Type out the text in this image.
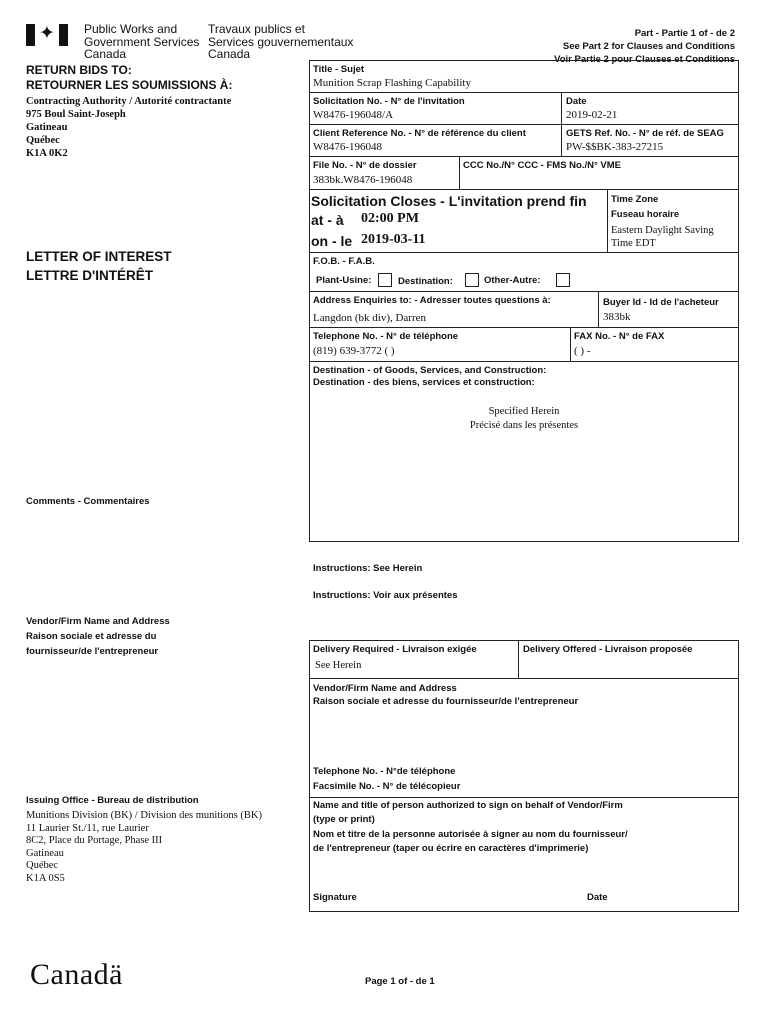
✦ Public Works and
Government Services
Canada
Travaux publics et
Services gouvernementaux
Canada
Part - Partie 1 of - de 2
See Part 2 for Clauses and Conditions
Voir Partie 2 pour Clauses et Conditions
RETURN BIDS TO:
RETOURNER LES SOUMISSIONS À:
Contracting Authority / Autorité contractante
975 Boul Saint-Joseph
Gatineau
Québec
K1A 0K2
LETTER OF INTEREST
LETTRE D'INTÉRÊT
Comments - Commentaires
Vendor/Firm Name and Address
Raison sociale et adresse du
fournisseur/de l'entrepreneur
Issuing Office - Bureau de distribution
Munitions Division (BK) / Division des munitions (BK)
11 Laurier St./11, rue Laurier
8C2, Place du Portage, Phase III
Gatineau
Québec
K1A 0S5
Title - Sujet
Munition Scrap Flashing Capability
Solicitation No. - N° de l'invitation
W8476-196048/A
Date
2019-02-21
Client Reference No. - N° de référence du client
W8476-196048
GETS Ref. No. - N° de réf. de SEAG
PW-$$BK-383-27215
File No. - N° de dossier
383bk.W8476-196048
CCC No./N° CCC - FMS No./N° VME
Solicitation Closes - L'invitation prend fin
at - à 02:00 PM
on - le 2019-03-11
Time Zone
Fuseau horaire
Eastern Daylight Saving
Time EDT
F.O.B. - F.A.B.
Plant-Usine:	Destination:	Other-Autre:
Address Enquiries to: - Adresser toutes questions à:
Langdon (bk div), Darren
Buyer Id - Id de l'acheteur
383bk
Telephone No. - N° de téléphone
(819) 639-3772 ( )
FAX No. - N° de FAX
( ) -
Destination - of Goods, Services, and Construction:
Destination - des biens, services et construction:
Specified Herein
Précisé dans les présentes
Instructions: See Herein
Instructions: Voir aux présentes
Delivery Required - Livraison exigée
See Herein
Delivery Offered - Livraison proposée
Vendor/Firm Name and Address
Raison sociale et adresse du fournisseur/de l'entrepreneur
Telephone No. - N°de téléphone
Facsimile No. - N° de télécopieur
Name and title of person authorized to sign on behalf of Vendor/Firm
(type or print)
Nom et titre de la personne autorisée à signer au nom du fournisseur/
de l'entrepreneur (taper ou écrire en caractères d'imprimerie)
Signature	Date
Canadä	Page 1 of - de 1
